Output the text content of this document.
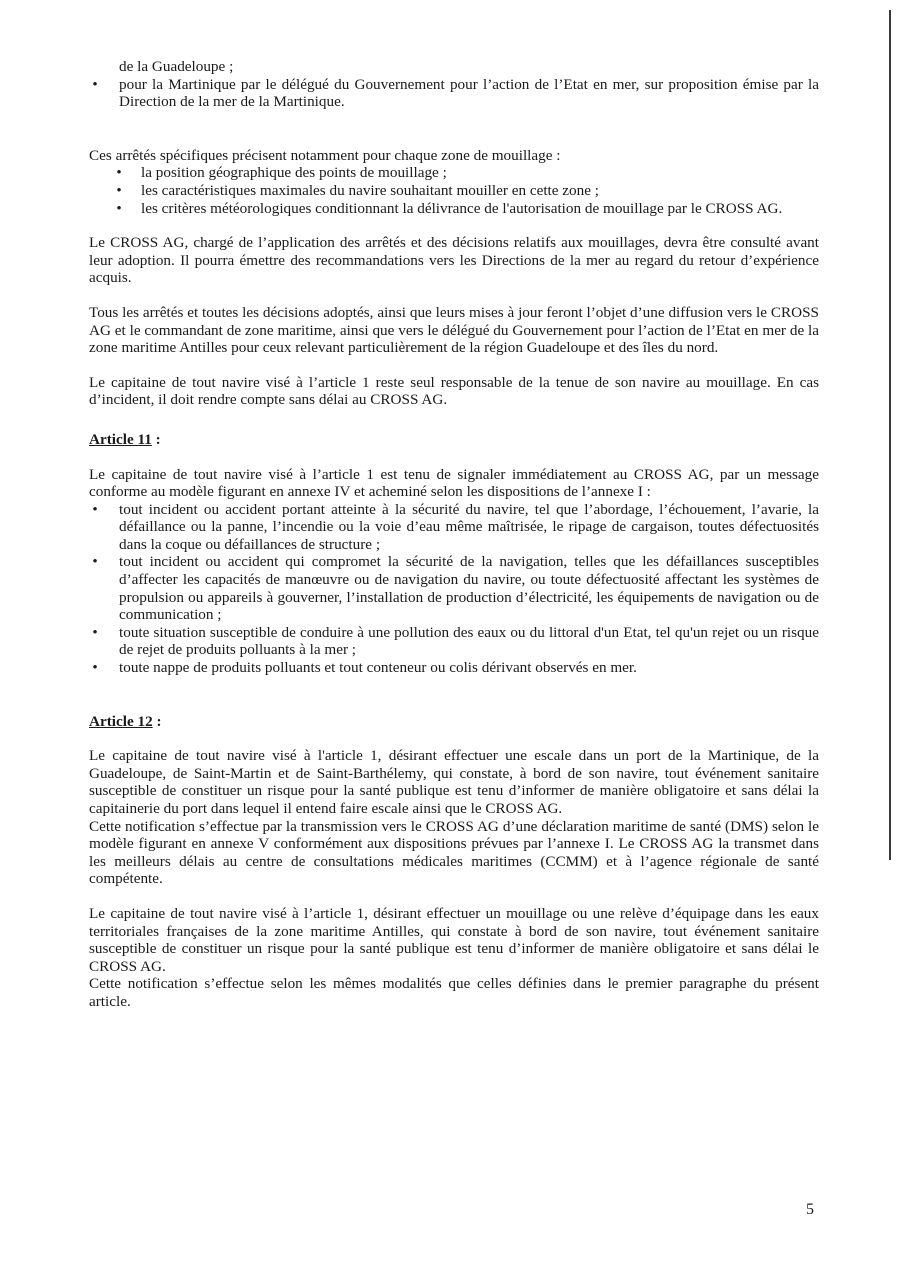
de la Guadeloupe ;

• pour la Martinique par le délégué du Gouvernement pour l’action de l’Etat en mer, sur proposition émise par la Direction de la mer de la Martinique.

Ces arrêtés spécifiques précisent notamment pour chaque zone de mouillage :

• la position géographique des points de mouillage ;
• les caractéristiques maximales du navire souhaitant mouiller en cette zone ;
• les critères météorologiques conditionnant la délivrance de l'autorisation de mouillage par le CROSS AG.

Le CROSS AG, chargé de l’application des arrêtés et des décisions relatifs aux mouillages, devra être consulté avant leur adoption. Il pourra émettre des recommandations vers les Directions de la mer au regard du retour d’expérience acquis.

Tous les arrêtés et toutes les décisions adoptés, ainsi que leurs mises à jour feront l’objet d’une diffusion vers le CROSS AG et le commandant de zone maritime, ainsi que vers le délégué du Gouvernement pour l’action de l’Etat en mer de la zone maritime Antilles pour ceux relevant particulièrement de la région Guadeloupe et des îles du nord.

Le capitaine de tout navire visé à l’article 1 reste seul responsable de la tenue de son navire au mouillage. En cas d’incident, il doit rendre compte sans délai au CROSS AG.

Article 11 :

Le capitaine de tout navire visé à l’article 1 est tenu de signaler immédiatement au CROSS AG, par un message conforme au modèle figurant en annexe IV et acheminé selon les dispositions de l’annexe I :

• tout incident ou accident portant atteinte à la sécurité du navire, tel que l’abordage, l’échouement, l’avarie, la défaillance ou la panne, l’incendie ou la voie d’eau même maîtrisée, le ripage de cargaison, toutes défectuosités dans la coque ou défaillances de structure ;
• tout incident ou accident qui compromet la sécurité de la navigation, telles que les défaillances susceptibles d’affecter les capacités de manœuvre ou de navigation du navire, ou toute défectuosité affectant les systèmes de propulsion ou appareils à gouverner, l’installation de production d’électricité, les équipements de navigation ou de communication ;
• toute situation susceptible de conduire à une pollution des eaux ou du littoral d'un Etat, tel qu'un rejet ou un risque de rejet de produits polluants à la mer ;
• toute nappe de produits polluants et tout conteneur ou colis dérivant observés en mer.

Article 12 :

Le capitaine de tout navire visé à l'article 1, désirant effectuer une escale dans un port de la Martinique, de la Guadeloupe, de Saint-Martin et de Saint-Barthélemy, qui constate, à bord de son navire, tout événement sanitaire susceptible de constituer un risque pour la santé publique est tenu d’informer de manière obligatoire et sans délai la capitainerie du port dans lequel il entend faire escale ainsi que le CROSS AG.

Cette notification s’effectue par la transmission vers le CROSS AG d’une déclaration maritime de santé (DMS) selon le modèle figurant en annexe V conformément aux dispositions prévues par l’annexe I. Le CROSS AG la transmet dans les meilleurs délais au centre de consultations médicales maritimes (CCMM) et à l’agence régionale de santé compétente.

Le capitaine de tout navire visé à l’article 1, désirant effectuer un mouillage ou une relève d’équipage dans les eaux territoriales françaises de la zone maritime Antilles, qui constate à bord de son navire, tout événement sanitaire susceptible de constituer un risque pour la santé publique est tenu d’informer de manière obligatoire et sans délai le CROSS AG.

Cette notification s’effectue selon les mêmes modalités que celles définies dans le premier paragraphe du présent article.

5
